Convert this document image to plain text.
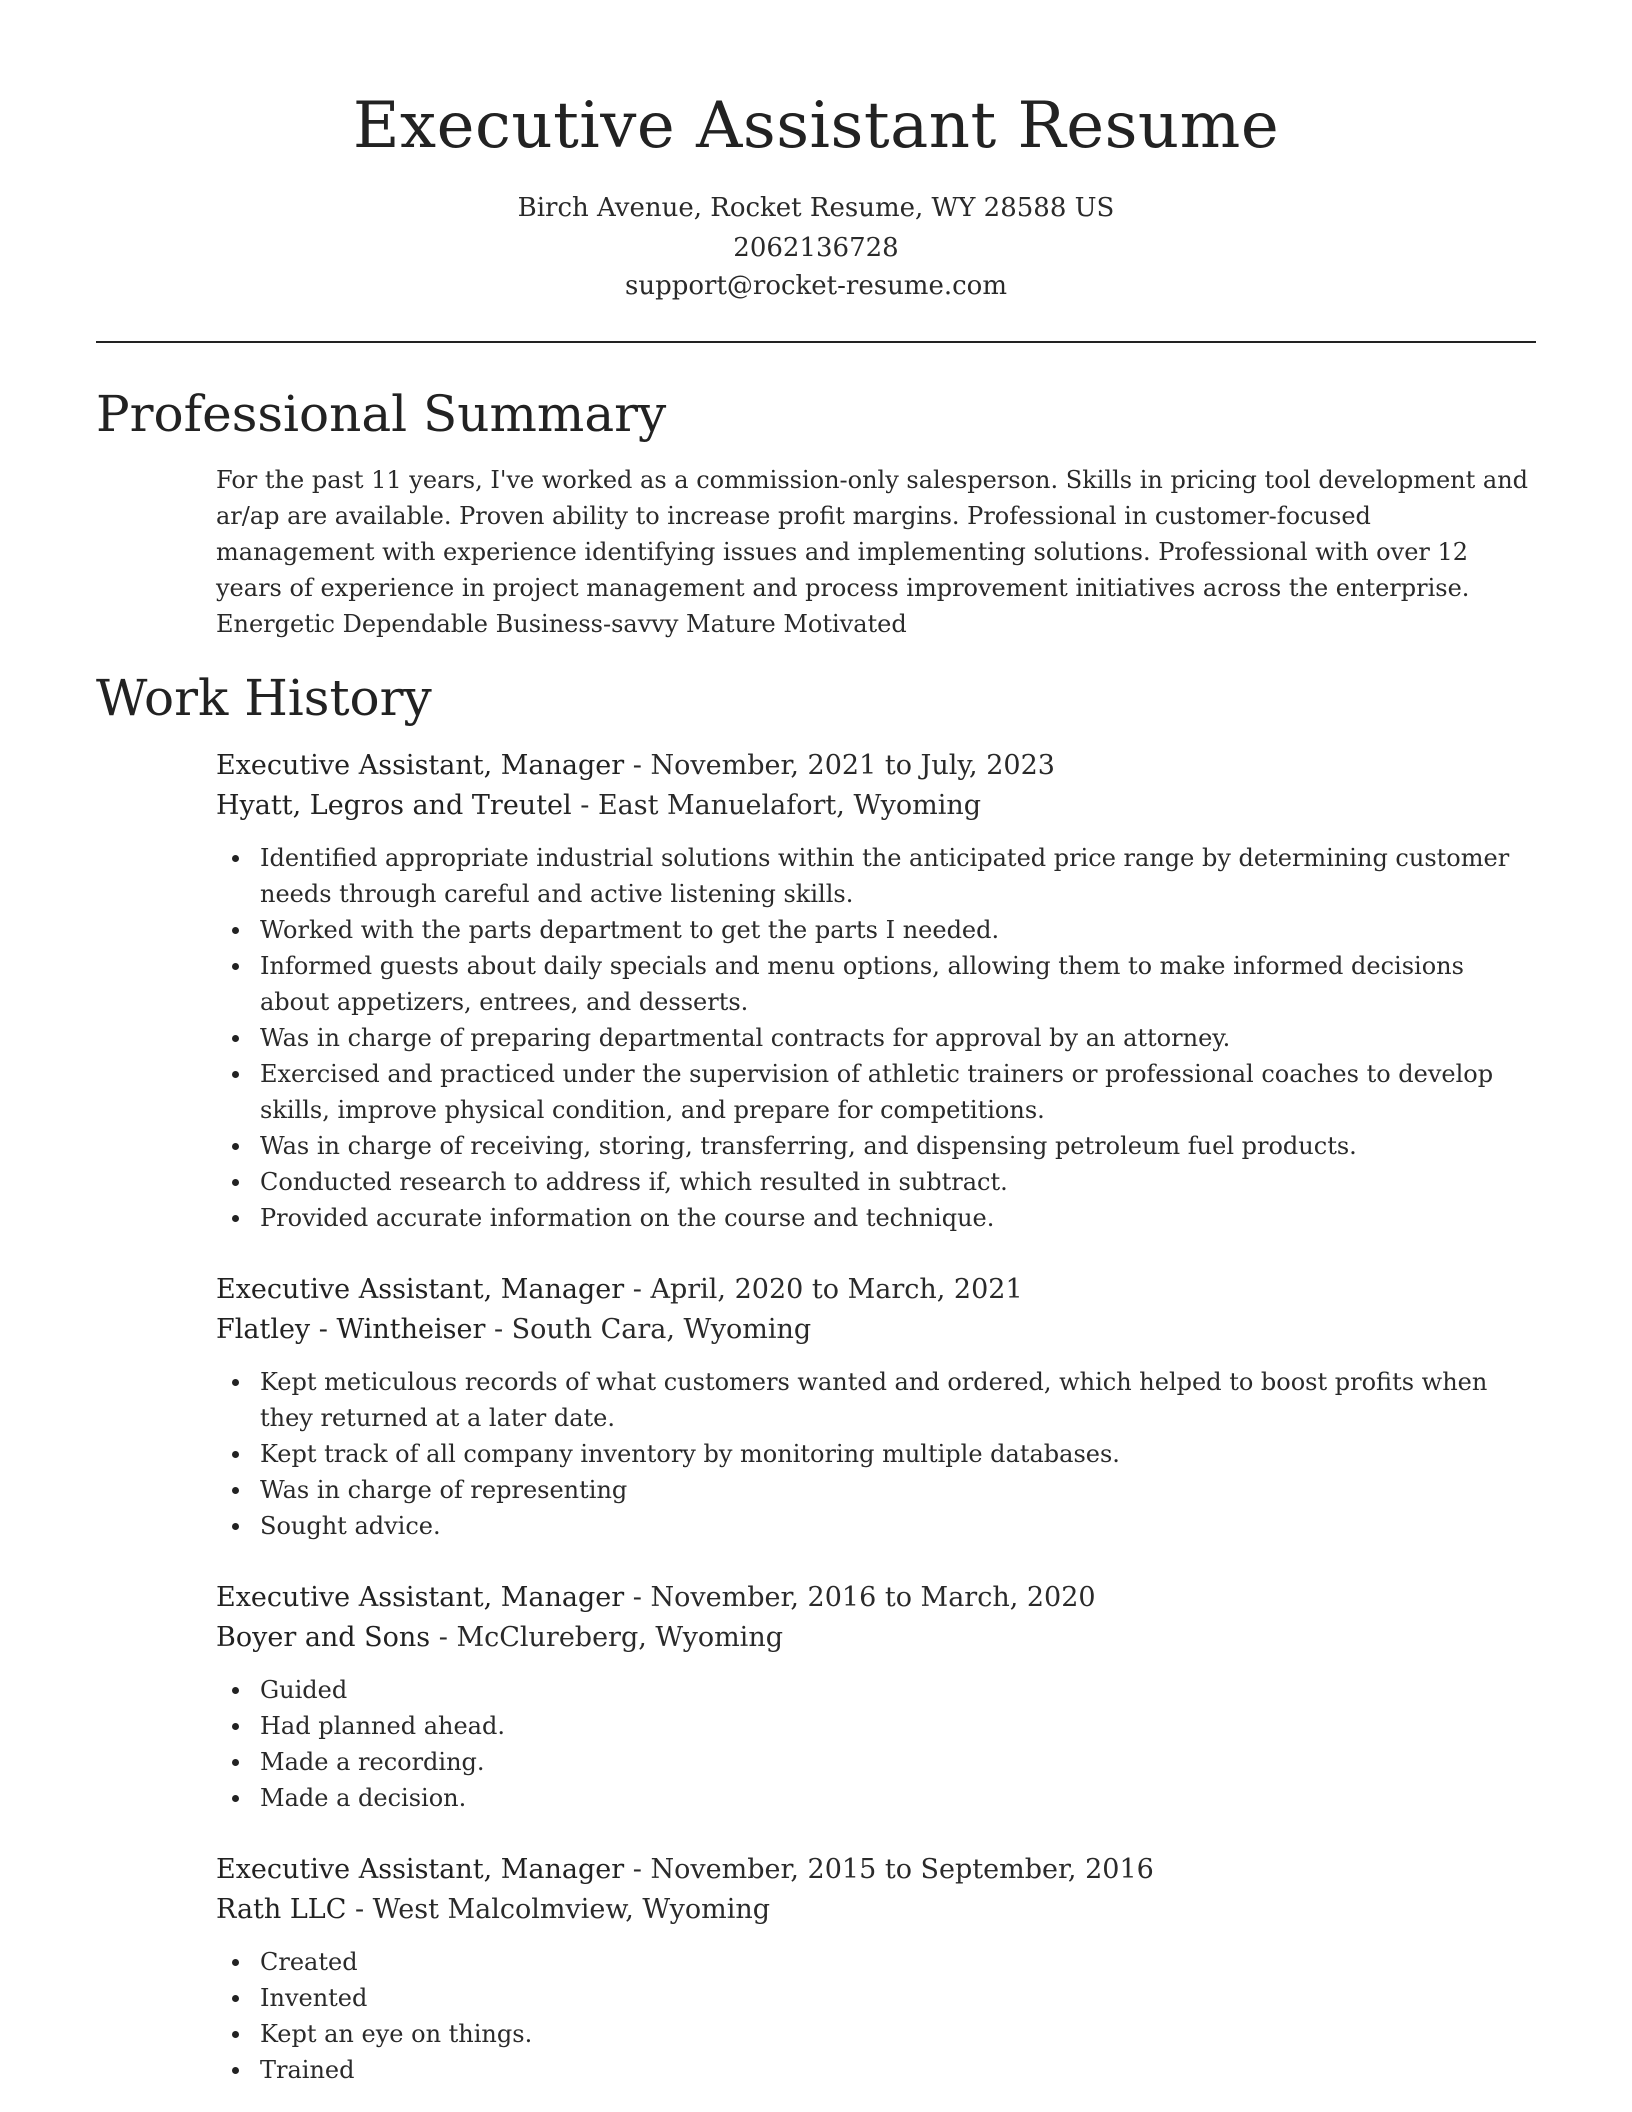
Executive Assistant Resume
Birch Avenue, Rocket Resume, WY 28588 US
2062136728
support@rocket-resume.com
Professional Summary

For the past 11 years, I've worked as a commission-only salesperson. Skills in pricing tool development and ar/ap are available. Proven ability to increase profit margins. Professional in customer-focused management with experience identifying issues and implementing solutions. Professional with over 12 years of experience in project management and process improvement initiatives across the enterprise. Energetic Dependable Business-savvy Mature Motivated

Work History
Executive Assistant, Manager - November, 2021 to July, 2023
Hyatt, Legros and Treutel - East Manuelafort, Wyoming
Identified appropriate industrial solutions within the anticipated price range by determining customer needs through careful and active listening skills.
Worked with the parts department to get the parts I needed.
Informed guests about daily specials and menu options, allowing them to make informed decisions about appetizers, entrees, and desserts.
Was in charge of preparing departmental contracts for approval by an attorney.
Exercised and practiced under the supervision of athletic trainers or professional coaches to develop skills, improve physical condition, and prepare for competitions.
Was in charge of receiving, storing, transferring, and dispensing petroleum fuel products.
Conducted research to address if, which resulted in subtract.
Provided accurate information on the course and technique.
Executive Assistant, Manager - April, 2020 to March, 2021
Flatley - Wintheiser - South Cara, Wyoming
Kept meticulous records of what customers wanted and ordered, which helped to boost profits when they returned at a later date.
Kept track of all company inventory by monitoring multiple databases.
Was in charge of representing
Sought advice.
Executive Assistant, Manager - November, 2016 to March, 2020
Boyer and Sons - McClureberg, Wyoming
Guided
Had planned ahead.
Made a recording.
Made a decision.
Executive Assistant, Manager - November, 2015 to September, 2016
Rath LLC - West Malcolmview, Wyoming
Created
Invented
Kept an eye on things.
Trained
